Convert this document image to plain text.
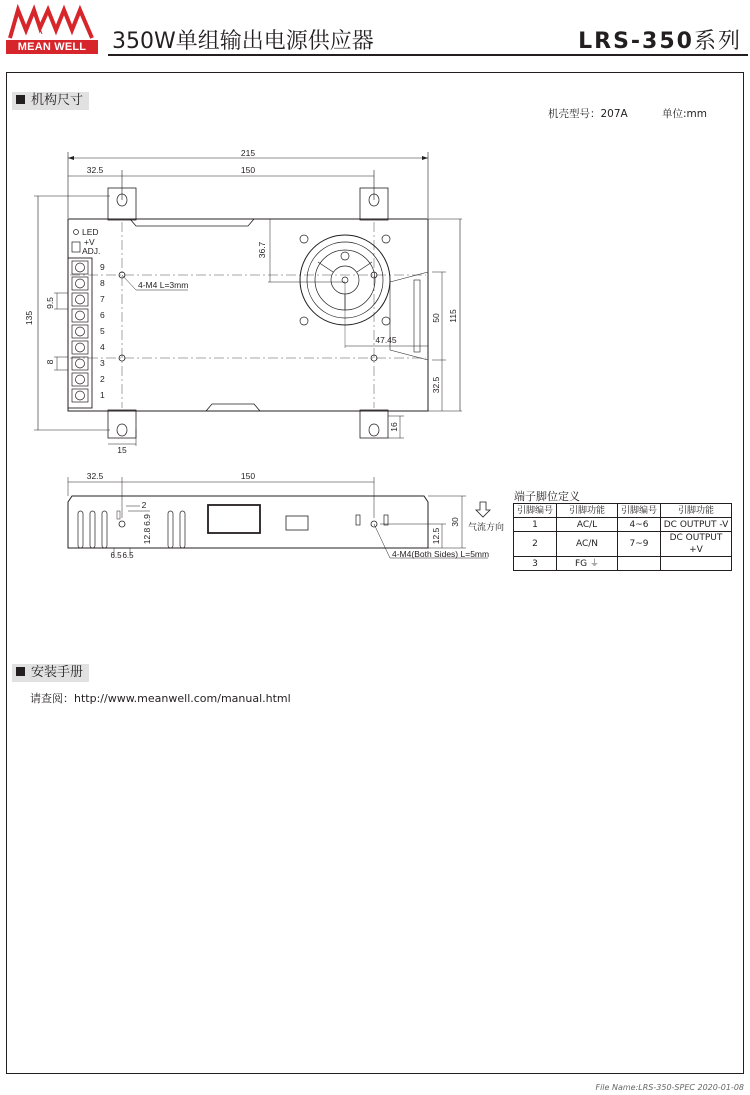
MEAN WELL	350W单组输出电源供应器	LRS-350系列
机构尺寸
机壳型号：207A	单位:mm
215
32.5	150
135	115
15
16
4-M4 L=3mm
36.7
47.45
50
32.5
LED
+V
ADJ.
9
8
7
6
5
4
3
2
1
9.5
8
32.5	150
2
6.9
12.8
6.5 6.5
30
12.5
4-M4(Both Sides) L=5mm
气流方向
端子脚位定义
引脚编号	引脚功能	引脚编号	引脚功能
1	AC/L	4~6	DC OUTPUT -V
2	AC/N	7~9	DC OUTPUT +V
3	FG ⏚		
安装手册
请查阅：http://www.meanwell.com/manual.html
File Name:LRS-350-SPEC 2020-01-08
